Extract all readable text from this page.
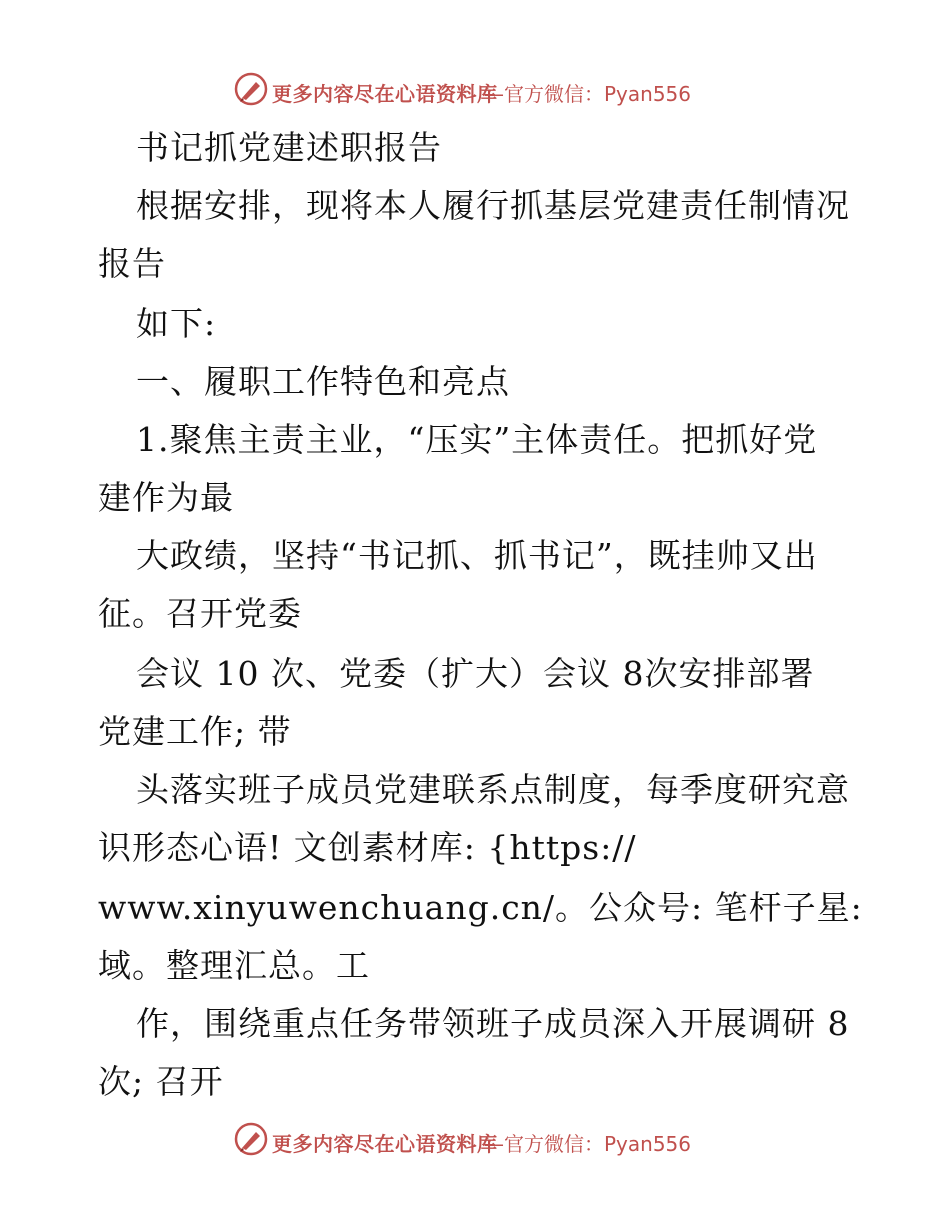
更多内容尽在心语资料库
—官方微信：Pyan556
书记抓党建述职报告
根据安排，现将本人履行抓基层党建责任制情况
报告
如下:
一、履职工作特色和亮点
1.聚焦主责主业，“压实”主体责任。把抓好党
建作为最
大政绩，坚持“书记抓、抓书记”，既挂帅又出
征。召开党委
会议 10 次、党委（扩大）会议 8次安排部署
党建工作; 带
头落实班子成员党建联系点制度，每季度研究意
识形态心语! 文创素材库: {https://
www.xinyuwenchuang.cn/。公众号: 笔杆子星:
域。整理汇总。工
作，围绕重点任务带领班子成员深入开展调研 8
次; 召开
更多内容尽在心语资料库
—官方微信：Pyan556
